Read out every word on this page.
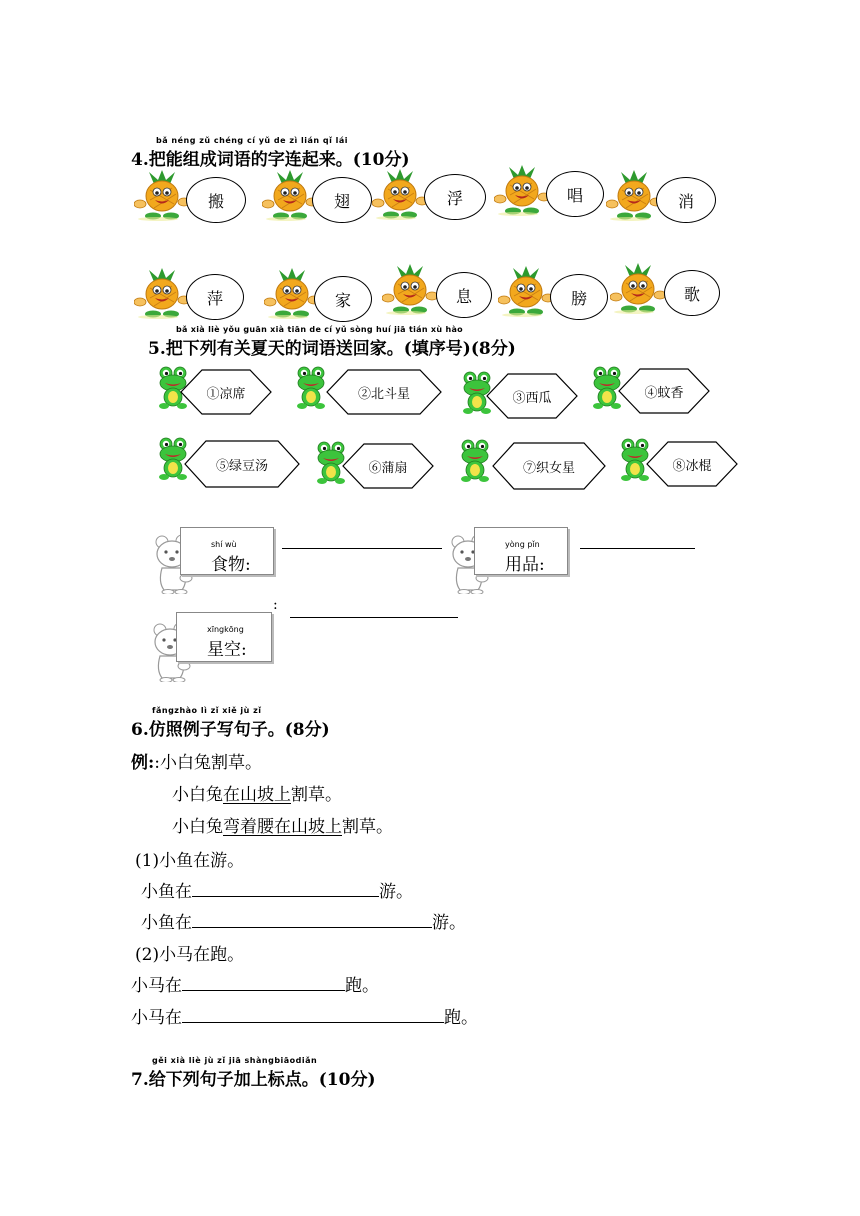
bǎ néng zǔ chéng cí yǔ de zì lián qǐ lái
4.把能组成词语的字连起来。(10分)
bǎ xià liè yǒu guān xià tiān de cí yǔ sòng huí jiā tián xù hào
5.把下列有关夏天的词语送回家。(填序号)(8分)
:
fǎngzhào lì zǐ xiě jù zǐ
6.仿照例子写句子。(8分)
例::小白兔割草。
小白兔在山坡上割草。
小白兔弯着腰在山坡上割草。
(1)小鱼在游。
小鱼在	游。
小鱼在	游。
(2)小马在跑。
小马在	跑。
小马在	跑。
gěi xià liè jù zǐ jiā shàngbiāodiǎn
7.给下列句子加上标点。(10分)
搬	翅	浮	唱	消
萍	家	息	膀	歌
①凉席	②北斗星	③西瓜	④蚊香
⑤绿豆汤	⑥蒲扇	⑦织女星	⑧冰棍
shí wù
食物:
yòng pǐn
用品:
xīngkōng
星空:
